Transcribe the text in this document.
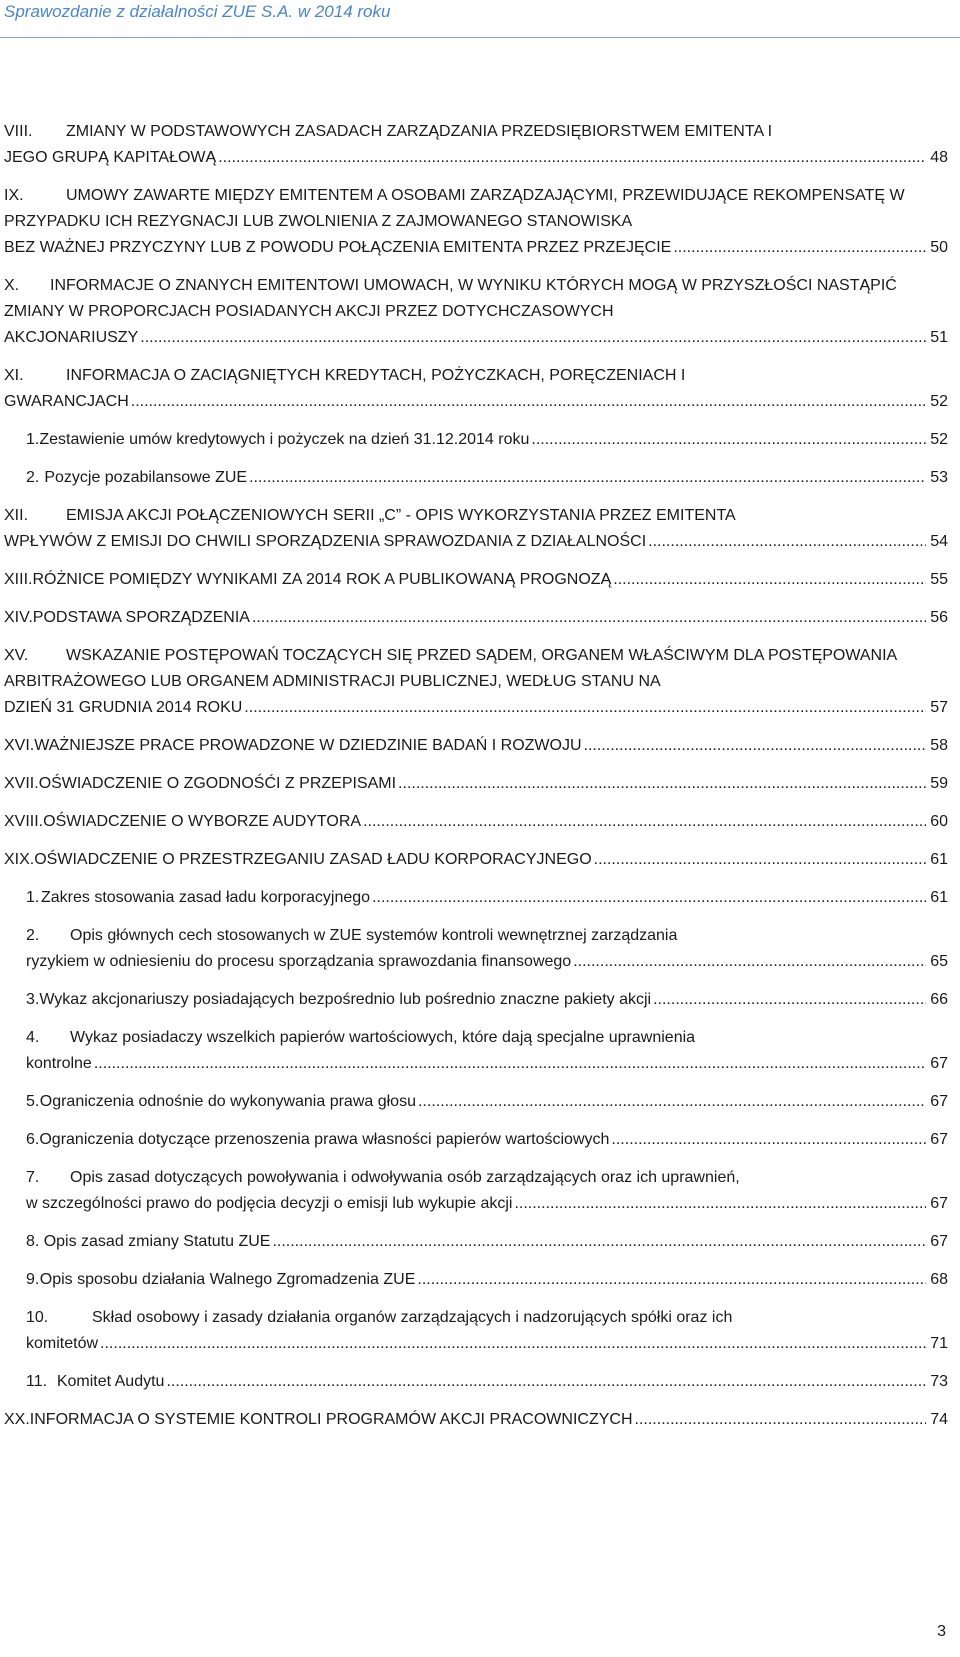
Sprawozdanie z działalności ZUE S.A. w 2014 roku
VIII. ZMIANY W PODSTAWOWYCH ZASADACH ZARZĄDZANIA PRZEDSIĘBIORSTWEM EMITENTA I
JEGO GRUPĄ KAPITAŁOWĄ .....	48
IX.	UMOWY ZAWARTE MIĘDZY EMITENTEM A OSOBAMI ZARZĄDZAJĄCYMI, PRZEWIDUJĄCE REKOMPENSATĘ W PRZYPADKU ICH REZYGNACJI LUB ZWOLNIENIA Z ZAJMOWANEGO STANOWISKA
BEZ WAŻNEJ PRZYCZYNY LUB Z POWODU POŁĄCZENIA EMITENTA PRZEZ PRZEJĘCIE .....	50
X. INFORMACJE O ZNANYCH EMITENTOWI UMOWACH, W WYNIKU KTÓRYCH MOGĄ W PRZYSZŁOŚCI NASTĄPIĆ ZMIANY W PROPORCJACH POSIADANYCH AKCJI PRZEZ DOTYCHCZASOWYCH
AKCJONARIUSZY .....	51
XI.	INFORMACJA O ZACIĄGNIĘTYCH KREDYTACH, POŻYCZKACH, PORĘCZENIACH I
GWARANCJACH .....	52
1. Zestawienie umów kredytowych i pożyczek na dzień 31.12.2014 roku .....	52
2. Pozycje pozabilansowe ZUE .....	53
XII. EMISJA AKCJI POŁĄCZENIOWYCH SERII „C” - OPIS WYKORZYSTANIA PRZEZ EMITENTA
WPŁYWÓW Z EMISJI DO CHWILI SPORZĄDZENIA SPRAWOZDANIA Z DZIAŁALNOŚCI .....	54
XIII. RÓŻNICE POMIĘDZY WYNIKAMI ZA 2014 ROK A PUBLIKOWANĄ PROGNOZĄ .....	55
XIV. PODSTAWA SPORZĄDZENIA .....	56
XV. WSKAZANIE POSTĘPOWAŃ TOCZĄCYCH SIĘ PRZED SĄDEM, ORGANEM WŁAŚCIWYM DLA POSTĘPOWANIA ARBITRAŻOWEGO LUB ORGANEM ADMINISTRACJI PUBLICZNEJ, WEDŁUG STANU NA
DZIEŃ 31 GRUDNIA 2014 ROKU .....	57
XVI. WAŻNIEJSZE PRACE PROWADZONE W DZIEDZINIE BADAŃ I ROZWOJU .....	58
XVII. OŚWIADCZENIE O ZGODNOŚĆI Z PRZEPISAMI .....	59
XVIII. OŚWIADCZENIE O WYBORZE AUDYTORA .....	60
XIX. OŚWIADCZENIE O PRZESTRZEGANIU ZASAD ŁADU KORPORACYJNEGO .....	61
1. Zakres stosowania zasad ładu korporacyjnego .....	61
2. Opis głównych cech stosowanych w ZUE systemów kontroli wewnętrznej zarządzania
ryzykiem w odniesieniu do procesu sporządzania sprawozdania finansowego .....	65
3. Wykaz akcjonariuszy posiadających bezpośrednio lub pośrednio znaczne pakiety akcji .....	66
4. Wykaz posiadaczy wszelkich papierów wartościowych, które dają specjalne uprawnienia
kontrolne .....	67
5. Ograniczenia odnośnie do wykonywania prawa głosu .....	67
6. Ograniczenia dotyczące przenoszenia prawa własności papierów wartościowych .....	67
7. Opis zasad dotyczących powoływania i odwoływania osób zarządzających oraz ich uprawnień,
w szczególności prawo do podjęcia decyzji o emisji lub wykupie akcji .....	67
8. Opis zasad zmiany Statutu ZUE .....	67
9. Opis sposobu działania Walnego Zgromadzenia ZUE .....	68
10.	Skład osobowy i zasady działania organów zarządzających i nadzorujących spółki oraz ich
komitetów .....	71
11. Komitet Audytu .....	73
XX. INFORMACJA O SYSTEMIE KONTROLI PROGRAMÓW AKCJI PRACOWNICZYCH .....	74
3
